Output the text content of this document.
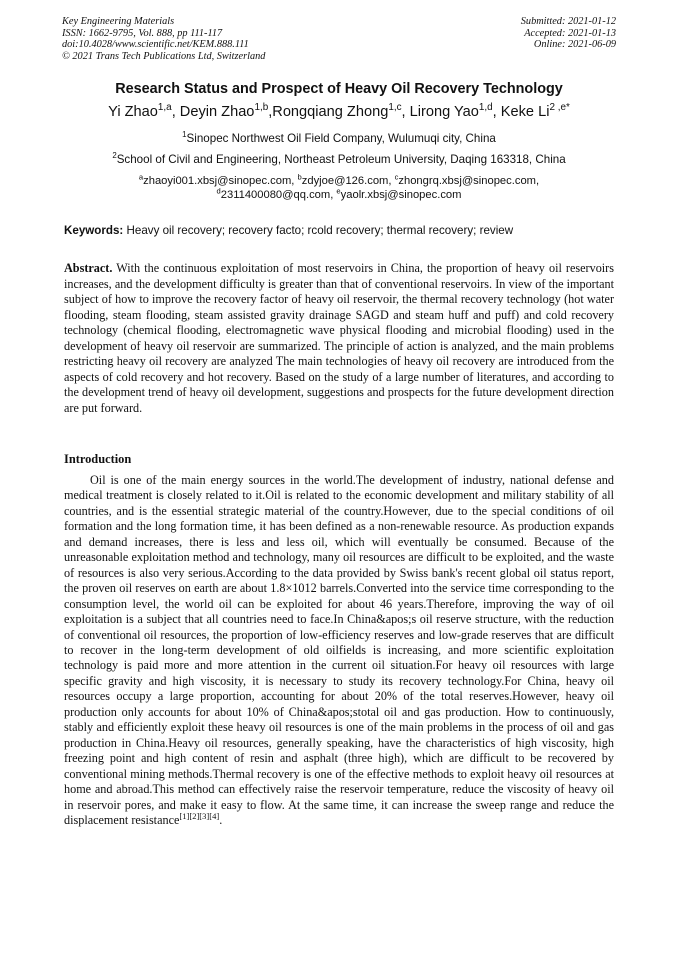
Key Engineering Materials
ISSN: 1662-9795, Vol. 888, pp 111-117
doi:10.4028/www.scientific.net/KEM.888.111
© 2021 Trans Tech Publications Ltd, Switzerland
Submitted: 2021-01-12
Accepted: 2021-01-13
Online: 2021-06-09
Research Status and Prospect of Heavy Oil Recovery Technology
Yi Zhao$^{1,a}$, Deyin Zhao$^{1,b}$,Rongqiang Zhong$^{1,c}$, Lirong Yao$^{1,d}$, Keke $Li^{2 ,e*}$
$^1$Sinopec Northwest Oil Field Company, Wulumuqi city, China
$^2$School of Civil and Engineering, Northeast Petroleum University, Daqing 163318, China
$^a$zhaoyi001.xbsj@sinopec.com, $^b$zdyjoe@126.com, $^c$zhongrq.xbsj@sinopec.com,
$^d$2311400080@qq.com, $^e$yaolr.xbsj@sinopec.com
Keywords: Heavy oil recovery; recovery facto; rcold recovery; thermal recovery; review

Abstract. With the continuous exploitation of most reservoirs in China, the proportion of heavy oil reservoirs increases, and the development difficulty is greater than that of conventional reservoirs. In view of the important subject of how to improve the recovery factor of heavy oil reservoir, the thermal recovery technology (hot water flooding, steam flooding, steam assisted gravity drainage SAGD and steam huff and puff) and cold recovery technology (chemical flooding, electromagnetic wave physical flooding and microbial flooding) used in the development of heavy oil reservoir are summarized. The principle of action is analyzed, and the main problems restricting heavy oil recovery are analyzed The main technologies of heavy oil recovery are introduced from the aspects of cold recovery and hot recovery. Based on the study of a large number of literatures, and according to the development trend of heavy oil development, suggestions and prospects for the future development direction are put forward.

Introduction

Oil is one of the main energy sources in the world.The development of industry, national defense and medical treatment is closely related to it.Oil is related to the economic development and military stability of all countries, and is the essential strategic material of the country.However, due to the special conditions of oil formation and the long formation time, it has been defined as a non-renewable resource. As production expands and demand increases, there is less and less oil, which will eventually be consumed. Because of the unreasonable exploitation method and technology, many oil resources are difficult to be exploited, and the waste of resources is also very serious.According to the data provided by Swiss bank's recent global oil status report, the proven oil reserves on earth are about 1.8×1012 barrels.Converted into the service time corresponding to the consumption level, the world oil can be exploited for about 46 years.Therefore, improving the way of oil exploitation is a subject that all countries need to face.In China&apos;s oil reserve structure, with the reduction of conventional oil resources, the proportion of low-efficiency reserves and low-grade reserves that are difficult to recover in the long-term development of old oilfields is increasing, and more scientific exploitation technology is paid more and more attention in the current oil situation.For heavy oil resources with large specific gravity and high viscosity, it is necessary to study its recovery technology.For China, heavy oil resources occupy a large proportion, accounting for about 20% of the total reserves.However, heavy oil production only accounts for about 10% of China&apos;stotal oil and gas production. How to continuously, stably and efficiently exploit these heavy oil resources is one of the main problems in the process of oil and gas production in China.Heavy oil resources, generally speaking, have the characteristics of high viscosity, high freezing point and high content of resin and asphalt (three high), which are difficult to be recovered by conventional mining methods.Thermal recovery is one of the effective methods to exploit heavy oil resources at home and abroad.This method can effectively raise the reservoir temperature, reduce the viscosity of heavy oil in reservoir pores, and make it easy to flow. At the same time, it can increase the sweep range and reduce the displacement resistance[1][2][3][4].
